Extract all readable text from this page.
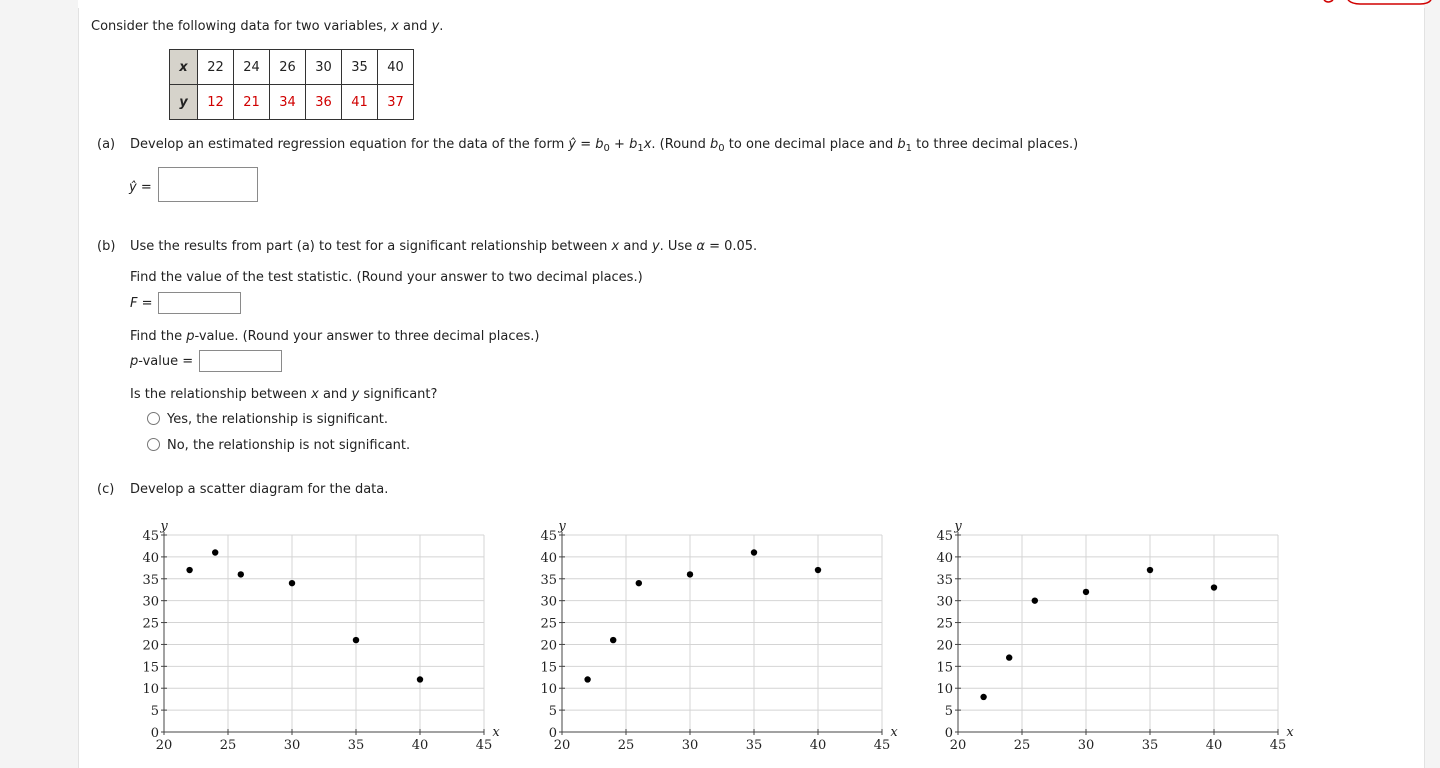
Consider the following data for two variables, x and y.
x	22	24	26	30	35	40
y	12	21	34	36	41	37
(a) Develop an estimated regression equation for the data of the form ŷ = $b_0 + b_1x$. (Round $b_0$ to one decimal place and $b_1$ to three decimal places.)
ŷ =
(b) Use the results from part (a) to test for a significant relationship between x and y. Use α = 0.05.
Find the value of the test statistic. (Round your answer to two decimal places.)
F =
Find the p-value. (Round your answer to three decimal places.)
p-value =
Is the relationship between x and y significant?
Yes, the relationship is significant.
No, the relationship is not significant.
(c) Develop a scatter diagram for the data.
0
5
10
15
20
25
30
35
40
45
20	25	30	35	40	45
y
x	0
5
10
15
20
25
30
35
40
45
20	25	30	35	40	45
y
x	0
5
10
15
20
25
30
35
40
45
20	25	30	35	40	45
y
x
